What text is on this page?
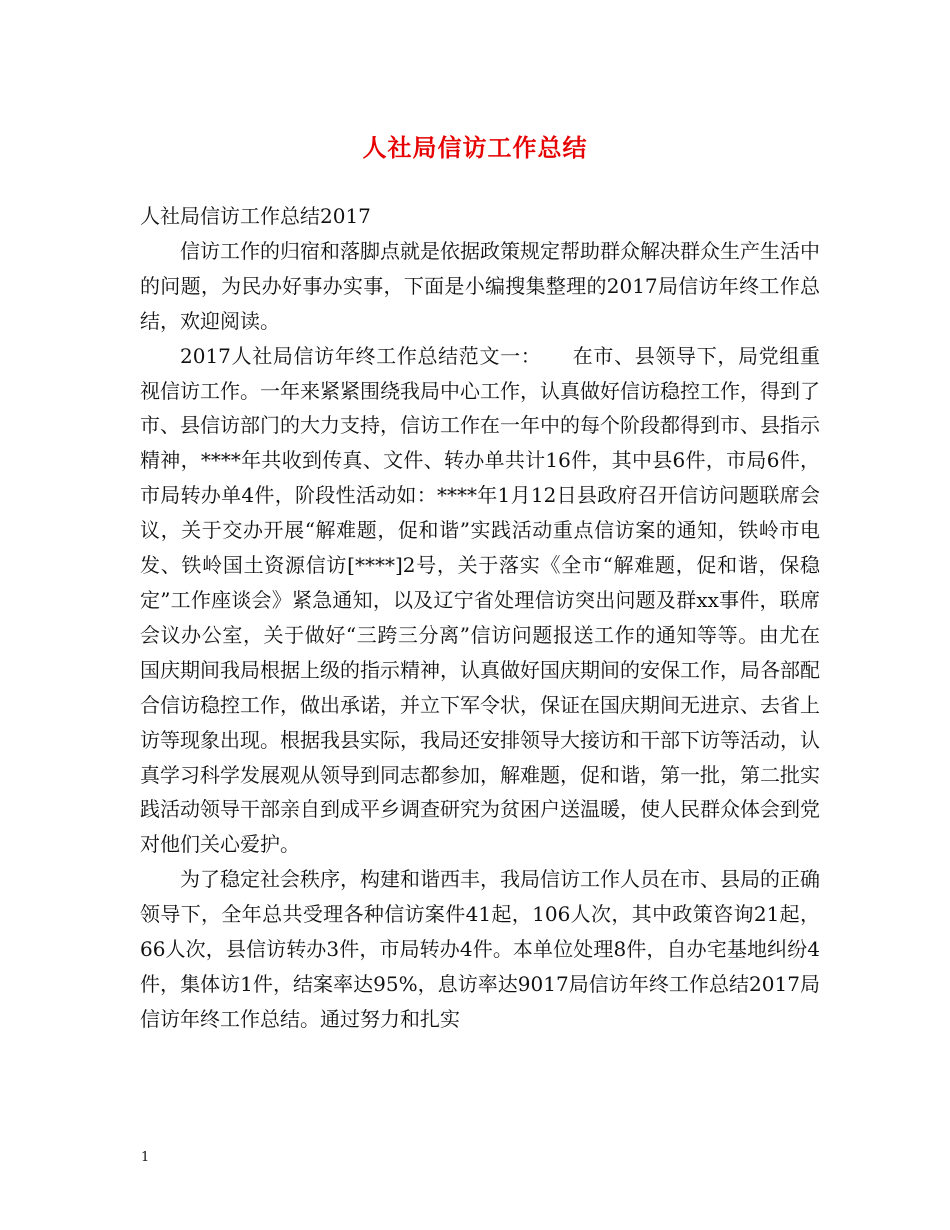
人社局信访工作总结

人社局信访工作总结2017

信访工作的归宿和落脚点就是依据政策规定帮助群众解决群众生产生活中的问题，为民办好事办实事，下面是小编搜集整理的2017局信访年终工作总结，欢迎阅读。

2017人社局信访年终工作总结范文一：　　在市、县领导下，局党组重视信访工作。一年来紧紧围绕我局中心工作，认真做好信访稳控工作，得到了市、县信访部门的大力支持，信访工作在一年中的每个阶段都得到市、县指示精神，****年共收到传真、文件、转办单共计16件，其中县6件，市局6件，市局转办单4件，阶段性活动如：****年1月12日县政府召开信访问题联席会议，关于交办开展“解难题，促和谐”实践活动重点信访案的通知，铁岭市电发、铁岭国土资源信访[****]2号，关于落实《全市“解难题，促和谐，保稳定”工作座谈会》紧急通知，以及辽宁省处理信访突出问题及群xx事件，联席会议办公室，关于做好“三跨三分离”信访问题报送工作的通知等等。由尤在国庆期间我局根据上级的指示精神，认真做好国庆期间的安保工作，局各部配合信访稳控工作，做出承诺，并立下军令状，保证在国庆期间无进京、去省上访等现象出现。根据我县实际，我局还安排领导大接访和干部下访等活动，认真学习科学发展观从领导到同志都参加，解难题，促和谐，第一批，第二批实践活动领导干部亲自到成平乡调查研究为贫困户送温暖，使人民群众体会到党对他们关心爱护。

为了稳定社会秩序，构建和谐西丰，我局信访工作人员在市、县局的正确领导下，全年总共受理各种信访案件41起，106人次，其中政策咨询21起，66人次，县信访转办3件，市局转办4件。本单位处理8件，自办宅基地纠纷4件，集体访1件，结案率达95%，息访率达9017局信访年终工作总结2017局信访年终工作总结。通过努力和扎实

1
